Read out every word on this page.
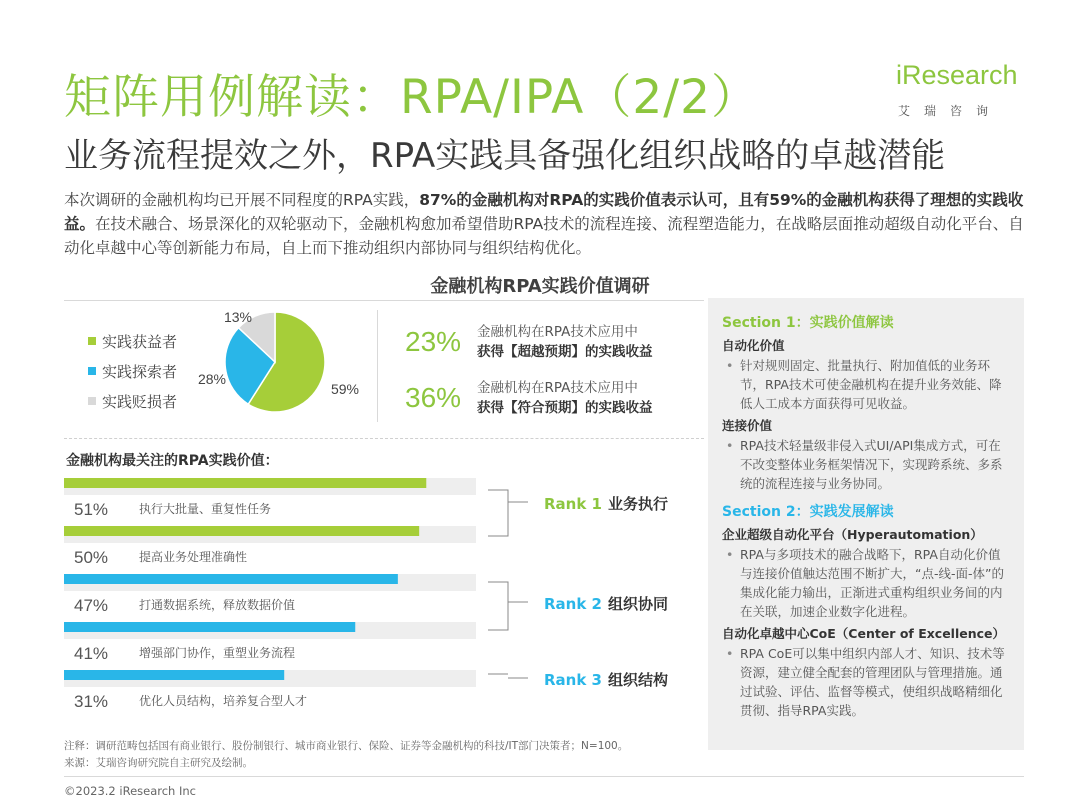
矩阵用例解读：RPA/IPA（2/2）
业务流程提效之外，RPA实践具备强化组织战略的卓越潜能
iResearch
艾瑞咨询
本次调研的金融机构均已开展不同程度的RPA实践，87%的金融机构对RPA的实践价值表示认可，且有59%的金融机构获得了理想的实践收益。在技术融合、场景深化的双轮驱动下，金融机构愈加希望借助RPA技术的流程连接、流程塑造能力，在战略层面推动超级自动化平台、自动化卓越中心等创新能力布局，自上而下推动组织内部协同与组织结构优化。
金融机构RPA实践价值调研
实践获益者
实践探索者
实践贬损者
59%
28%
13%
23%	金融机构在RPA技术应用中
获得【超越预期】的实践收益
36%	金融机构在RPA技术应用中
获得【符合预期】的实践收益
金融机构最关注的RPA实践价值：
51%	执行大批量、重复性任务
50%	提高业务处理准确性
47%	打通数据系统，释放数据价值
41%	增强部门协作，重塑业务流程
31%	优化人员结构，培养复合型人才
Rank 1 业务执行
Rank 2 组织协同
Rank 3 组织结构
Section 1：实践价值解读
自动化价值
• 针对规则固定、批量执行、附加值低的业务环节，RPA技术可使金融机构在提升业务效能、降低人工成本方面获得可见收益。
连接价值
• RPA技术轻量级非侵入式UI/API集成方式，可在不改变整体业务框架情况下，实现跨系统、多系统的流程连接与业务协同。
Section 2：实践发展解读
企业超级自动化平台（Hyperautomation）
• RPA与多项技术的融合战略下，RPA自动化价值与连接价值触达范围不断扩大，“点-线-面-体”的集成化能力输出，正渐进式重构组织业务间的内在关联，加速企业数字化进程。
自动化卓越中心CoE（Center of Excellence）
• RPA CoE可以集中组织内部人才、知识、技术等资源，建立健全配套的管理团队与管理措施。通过试验、评估、监督等模式，使组织战略精细化贯彻、指导RPA实践。
注释：调研范畴包括国有商业银行、股份制银行、城市商业银行、保险、证券等金融机构的科技/IT部门决策者；N=100。
来源：艾瑞咨询研究院自主研究及绘制。
©2023.2 iResearch Inc
